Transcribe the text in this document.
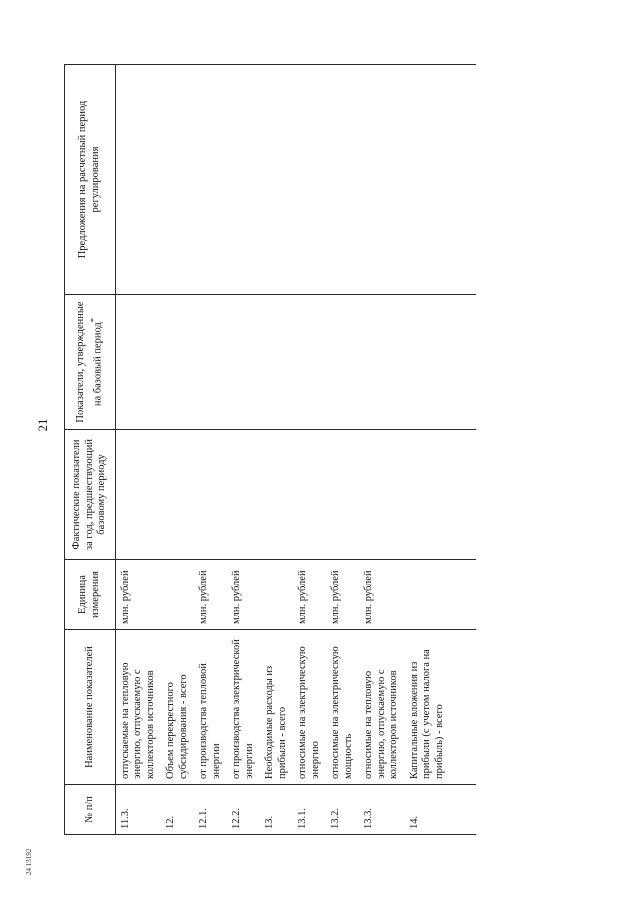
21
24 13192
№ п/п	Наименование показателей	Единица измерения	Фактические показатели за год, предшествующий базовому периоду	Показатели, утвержденные на базовый период*	Предложения на расчетный период регулирования
11.3.	отпускаемые на тепловую энергию, отпускаемую с коллекторов источников	млн. рублей			
12.	Объем перекрестного субсидирования - всего				
12.1.	от производства тепловой энергии	млн. рублей			
12.2.	от производства электрической энергии	млн. рублей			
13.	Необходимые расходы из прибыли - всего				
13.1.	относимые на электрическую энергию	млн. рублей			
13.2.	относимые на электрическую мощность	млн. рублей			
13.3.	относимые на тепловую энергию, отпускаемую с коллекторов источников	млн. рублей			
14.	Капитальные вложения из прибыли (с учетом налога на прибыль) - всего				
